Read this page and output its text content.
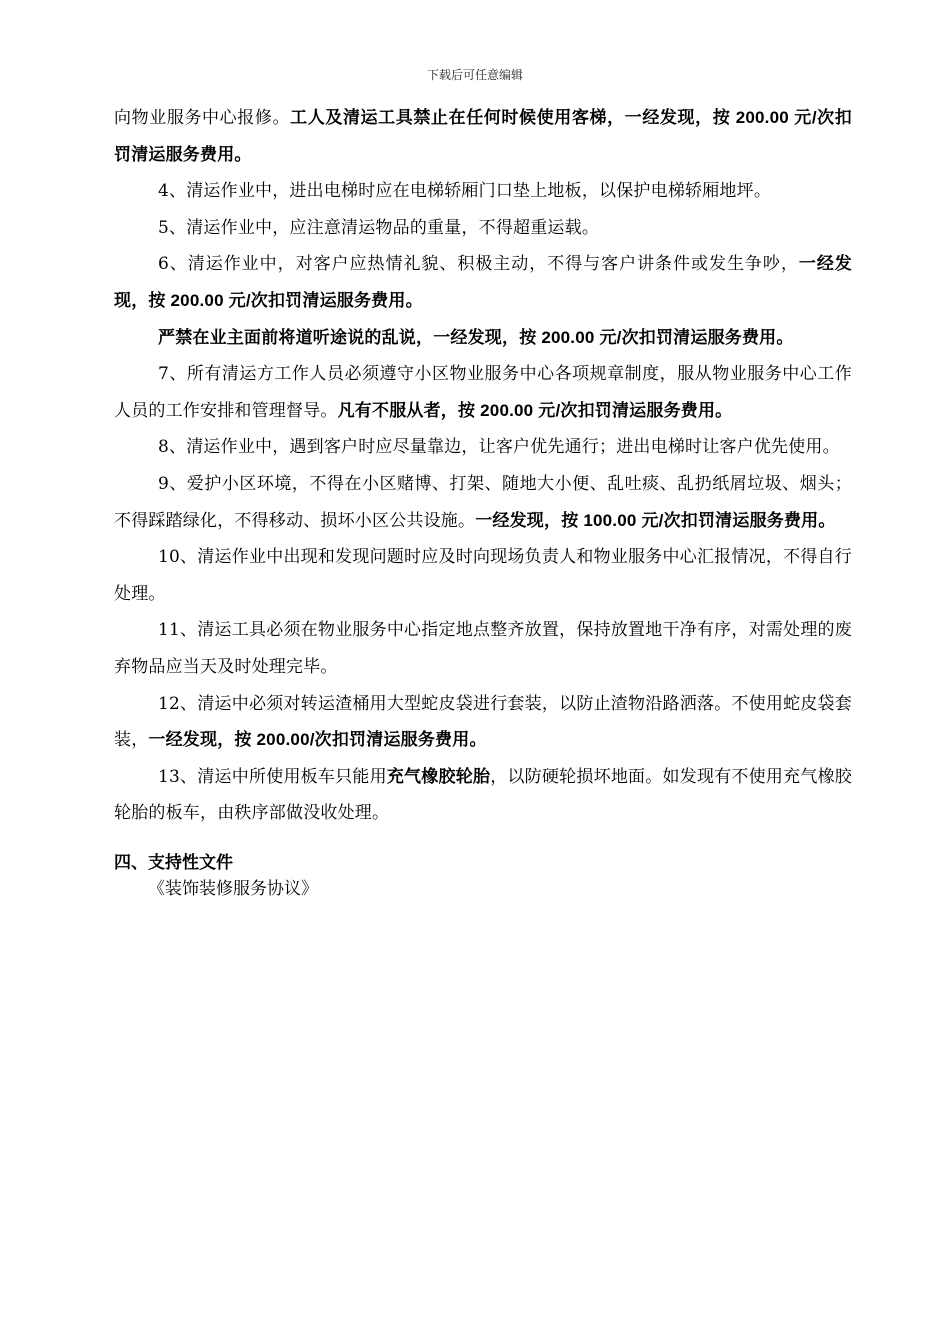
下载后可任意编辑

向物业服务中心报修。工人及清运工具禁止在任何时候使用客梯，一经发现，按 200.00 元/次扣罚清运服务费用。

4、清运作业中，进出电梯时应在电梯轿厢门口垫上地板，以保护电梯轿厢地坪。

5、清运作业中，应注意清运物品的重量，不得超重运载。

6、清运作业中，对客户应热情礼貌、积极主动，不得与客户讲条件或发生争吵，一经发现，按 200.00 元/次扣罚清运服务费用。

严禁在业主面前将道听途说的乱说，一经发现，按 200.00 元/次扣罚清运服务费用。

7、所有清运方工作人员必须遵守小区物业服务中心各项规章制度，服从物业服务中心工作人员的工作安排和管理督导。凡有不服从者，按 200.00 元/次扣罚清运服务费用。

8、清运作业中，遇到客户时应尽量靠边，让客户优先通行；进出电梯时让客户优先使用。

9、爱护小区环境，不得在小区赌博、打架、随地大小便、乱吐痰、乱扔纸屑垃圾、烟头；不得踩踏绿化，不得移动、损坏小区公共设施。一经发现，按 100.00 元/次扣罚清运服务费用。

10、清运作业中出现和发现问题时应及时向现场负责人和物业服务中心汇报情况，不得自行处理。

11、清运工具必须在物业服务中心指定地点整齐放置，保持放置地干净有序，对需处理的废弃物品应当天及时处理完毕。

12、清运中必须对转运渣桶用大型蛇皮袋进行套装，以防止渣物沿路洒落。不使用蛇皮袋套装，一经发现，按 200.00/次扣罚清运服务费用。

13、清运中所使用板车只能用充气橡胶轮胎，以防硬轮损坏地面。如发现有不使用充气橡胶轮胎的板车，由秩序部做没收处理。

四、支持性文件

《装饰装修服务协议》
